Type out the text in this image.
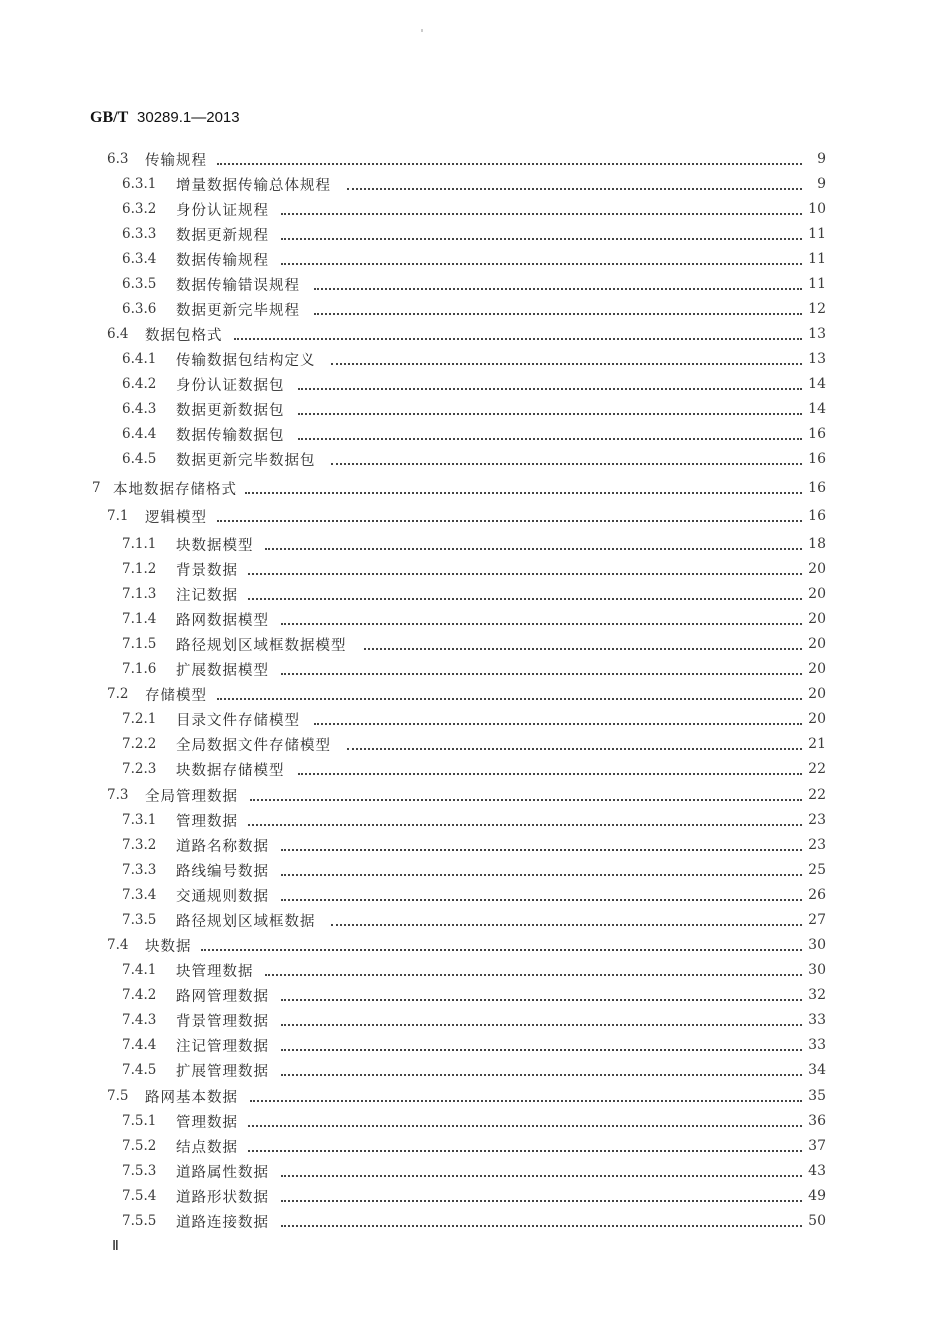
GB/T 30289.1—2013
6.3 传输规程	9
6.3.1 增量数据传输总体规程	9
6.3.2 身份认证规程	10
6.3.3 数据更新规程	11
6.3.4 数据传输规程	11
6.3.5 数据传输错误规程	11
6.3.6 数据更新完毕规程	12
6.4 数据包格式	13
6.4.1 传输数据包结构定义	13
6.4.2 身份认证数据包	14
6.4.3 数据更新数据包	14
6.4.4 数据传输数据包	16
6.4.5 数据更新完毕数据包	16
7 本地数据存储格式	16
7.1 逻辑模型	16
7.1.1 块数据模型	18
7.1.2 背景数据	20
7.1.3 注记数据	20
7.1.4 路网数据模型	20
7.1.5 路径规划区域框数据模型	20
7.1.6 扩展数据模型	20
7.2 存储模型	20
7.2.1 目录文件存储模型	20
7.2.2 全局数据文件存储模型	21
7.2.3 块数据存储模型	22
7.3 全局管理数据	22
7.3.1 管理数据	23
7.3.2 道路名称数据	23
7.3.3 路线编号数据	25
7.3.4 交通规则数据	26
7.3.5 路径规划区域框数据	27
7.4 块数据	30
7.4.1 块管理数据	30
7.4.2 路网管理数据	32
7.4.3 背景管理数据	33
7.4.4 注记管理数据	33
7.4.5 扩展管理数据	34
7.5 路网基本数据	35
7.5.1 管理数据	36
7.5.2 结点数据	37
7.5.3 道路属性数据	43
7.5.4 道路形状数据	49
7.5.5 道路连接数据	50
Ⅱ
